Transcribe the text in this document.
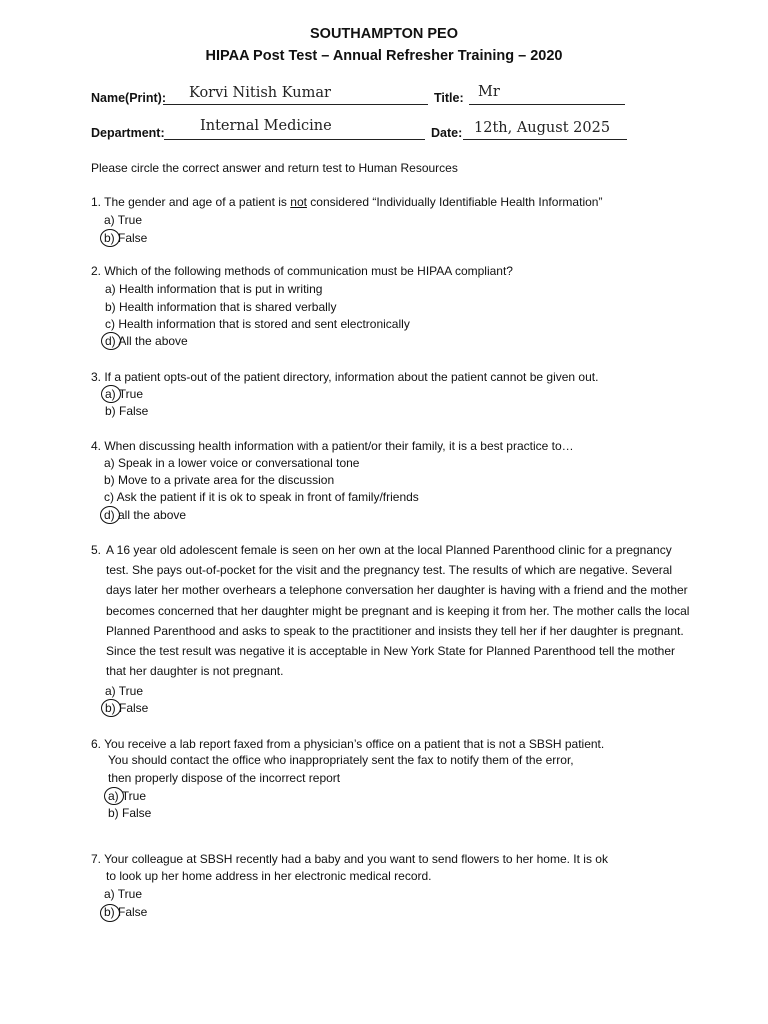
SOUTHAMPTON PEO
HIPAA Post Test – Annual Refresher Training – 2020
Name(Print): Korvi Nitish Kumar	Title: Mr
Department: Internal Medicine	Date: 12th, August 2025
Please circle the correct answer and return test to Human Resources
1. The gender and age of a patient is not considered “Individually Identifiable Health Information”
a) True
b) False
2. Which of the following methods of communication must be HIPAA compliant?
a) Health information that is put in writing
b) Health information that is shared verbally
c) Health information that is stored and sent electronically
d) All the above
3. If a patient opts-out of the patient directory, information about the patient cannot be given out.
a) True
b) False
4. When discussing health information with a patient/or their family, it is a best practice to…
a) Speak in a lower voice or conversational tone
b) Move to a private area for the discussion
c) Ask the patient if it is ok to speak in front of family/friends
d) all the above
5. A 16 year old adolescent female is seen on her own at the local Planned Parenthood clinic for a pregnancy test. She pays out-of-pocket for the visit and the pregnancy test. The results of which are negative. Several days later her mother overhears a telephone conversation her daughter is having with a friend and the mother becomes concerned that her daughter might be pregnant and is keeping it from her. The mother calls the local Planned Parenthood and asks to speak to the practitioner and insists they tell her if her daughter is pregnant. Since the test result was negative it is acceptable in New York State for Planned Parenthood tell the mother that her daughter is not pregnant.
a) True
b) False
6. You receive a lab report faxed from a physician’s office on a patient that is not a SBSH patient.
You should contact the office who inappropriately sent the fax to notify them of the error,
then properly dispose of the incorrect report
a) True
b) False
7. Your colleague at SBSH recently had a baby and you want to send flowers to her home. It is ok
to look up her home address in her electronic medical record.
a) True
b) False
